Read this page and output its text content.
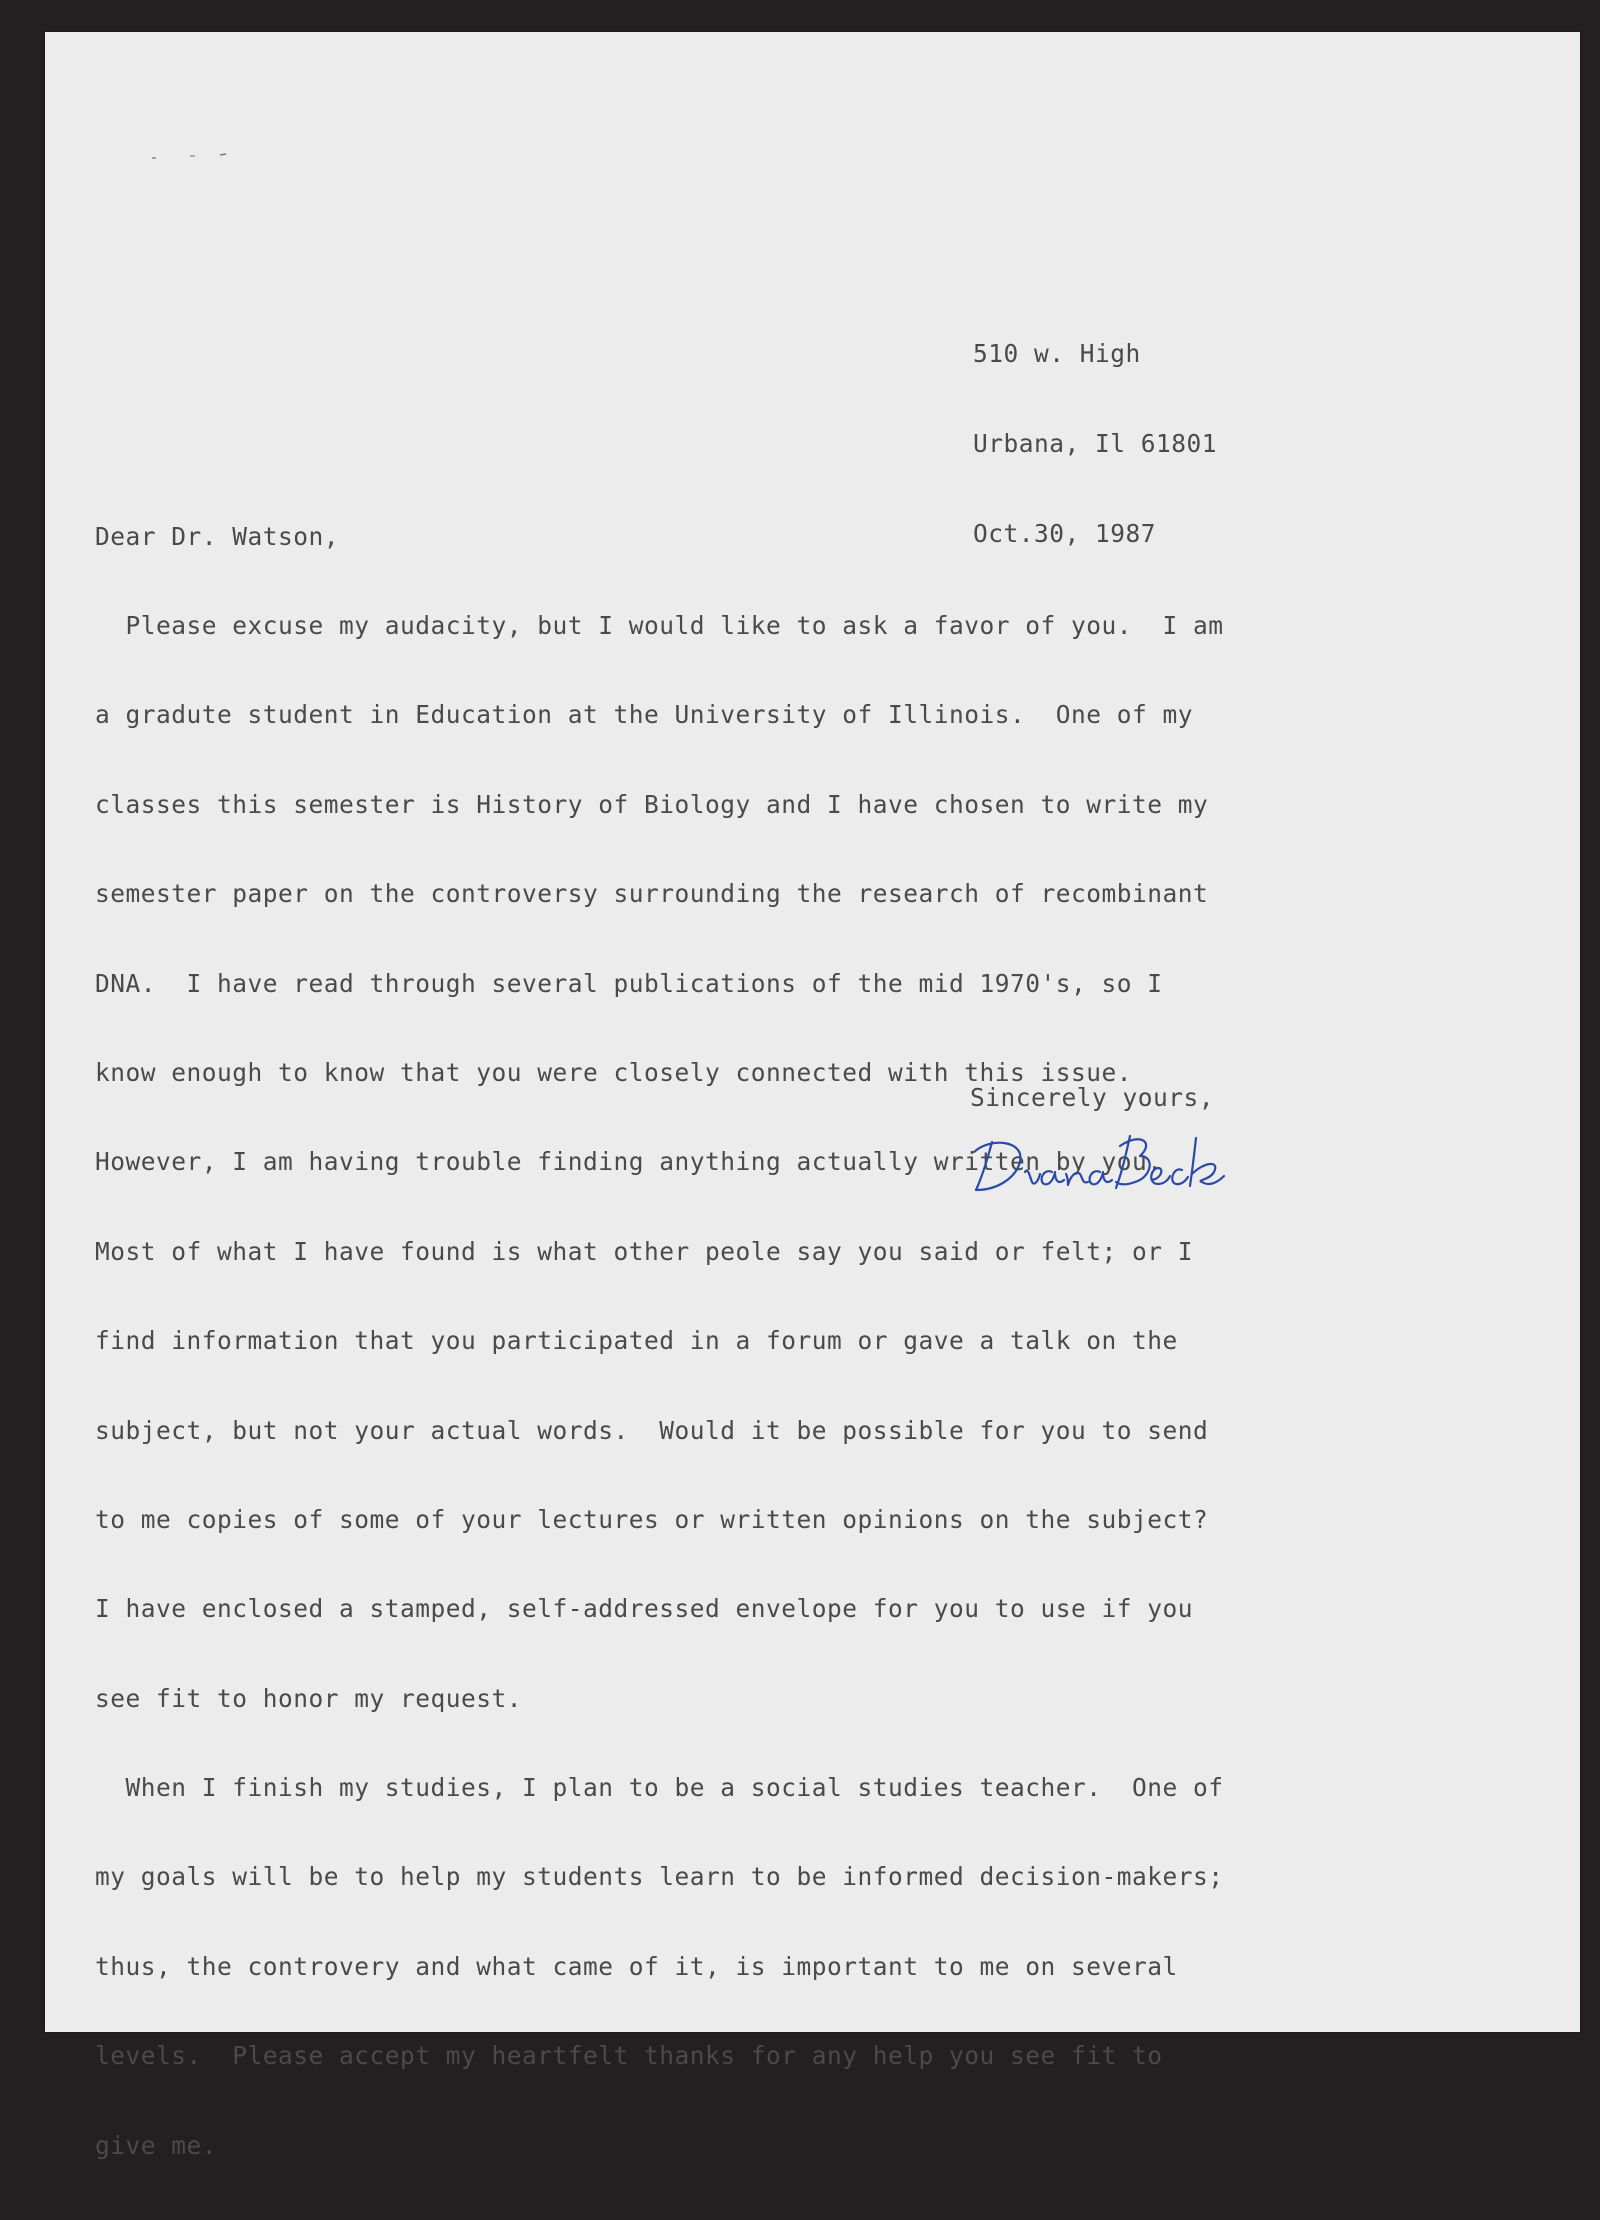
510 w. High

Urbana, Il 61801

Oct.30, 1987

Dear Dr. Watson,

Please excuse my audacity, but I would like to ask a favor of you.  I am

a gradute student in Education at the University of Illinois.  One of my

classes this semester is History of Biology and I have chosen to write my

semester paper on the controversy surrounding the research of recombinant

DNA.  I have read through several publications of the mid 1970's, so I

know enough to know that you were closely connected with this issue.

However, I am having trouble finding anything actually written by you.

Most of what I have found is what other peole say you said or felt; or I

find information that you participated in a forum or gave a talk on the

subject, but not your actual words.  Would it be possible for you to send

to me copies of some of your lectures or written opinions on the subject?

I have enclosed a stamped, self-addressed envelope for you to use if you

see fit to honor my request.

When I finish my studies, I plan to be a social studies teacher.  One of

my goals will be to help my students learn to be informed decision-makers;

thus, the controvery and what came of it, is important to me on several

levels.  Please accept my heartfelt thanks for any help you see fit to

give me.

Sincerely yours,
